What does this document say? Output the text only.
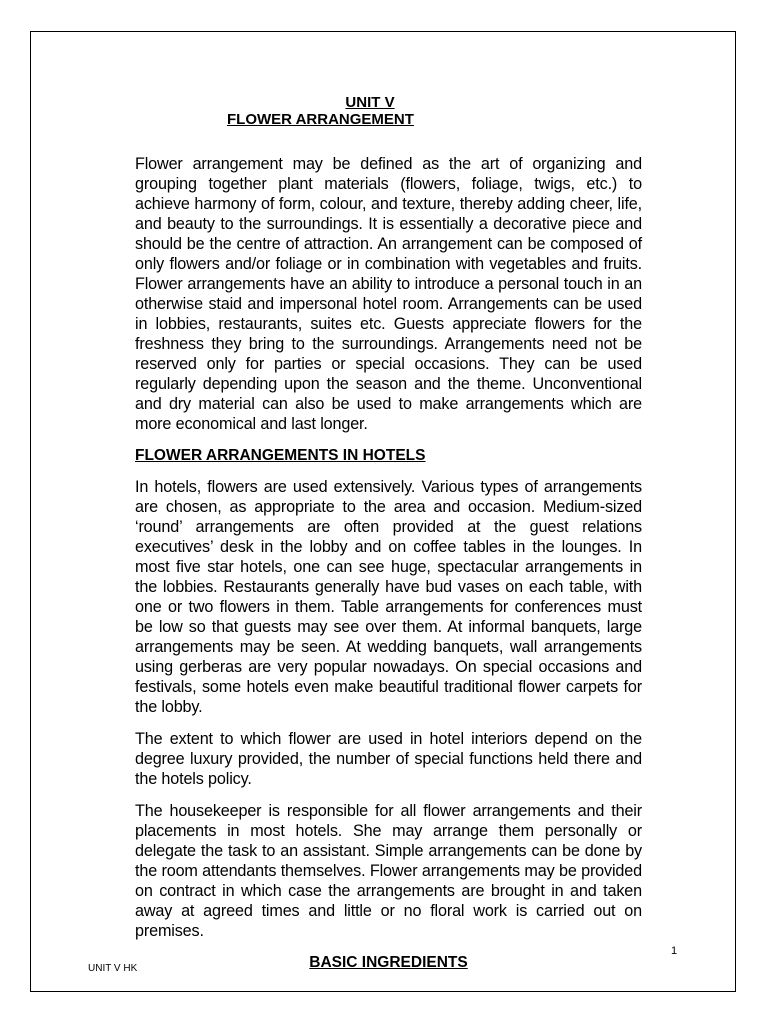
UNIT V
FLOWER ARRANGEMENT

Flower arrangement may be defined as the art of organizing and grouping together plant materials (flowers, foliage, twigs, etc.) to achieve harmony of form, colour, and texture, thereby adding cheer, life, and beauty to the surroundings. It is essentially a decorative piece and should be the centre of attraction. An arrangement can be composed of only flowers and/or foliage or in combination with vegetables and fruits. Flower arrangements have an ability to introduce a personal touch in an otherwise staid and impersonal hotel room. Arrangements can be used in lobbies, restaurants, suites etc. Guests appreciate flowers for the freshness they bring to the surroundings. Arrangements need not be reserved only for parties or special occasions. They can be used regularly depending upon the season and the theme. Unconventional and dry material can also be used to make arrangements which are more economical and last longer.

FLOWER ARRANGEMENTS IN HOTELS

In hotels, flowers are used extensively. Various types of arrangements are chosen, as appropriate to the area and occasion. Medium-sized ‘round’ arrangements are often provided at the guest relations executives’ desk in the lobby and on coffee tables in the lounges. In most five star hotels, one can see huge, spectacular arrangements in the lobbies. Restaurants generally have bud vases on each table, with one or two flowers in them. Table arrangements for conferences must be low so that guests may see over them. At informal banquets, large arrangements may be seen. At wedding banquets, wall arrangements using gerberas are very popular nowadays. On special occasions and festivals, some hotels even make beautiful traditional flower carpets for the lobby.

The extent to which flower are used in hotel interiors depend on the degree luxury provided, the number of special functions held there and the hotels policy.

The housekeeper is responsible for all flower arrangements and their placements in most hotels. She may arrange them personally or delegate the task to an assistant. Simple arrangements can be done by the room attendants themselves. Flower arrangements may be provided on contract in which case the arrangements are brought in and taken away at agreed times and little or no floral work is carried out on premises.

BASIC INGREDIENTS
1
UNIT V HK
